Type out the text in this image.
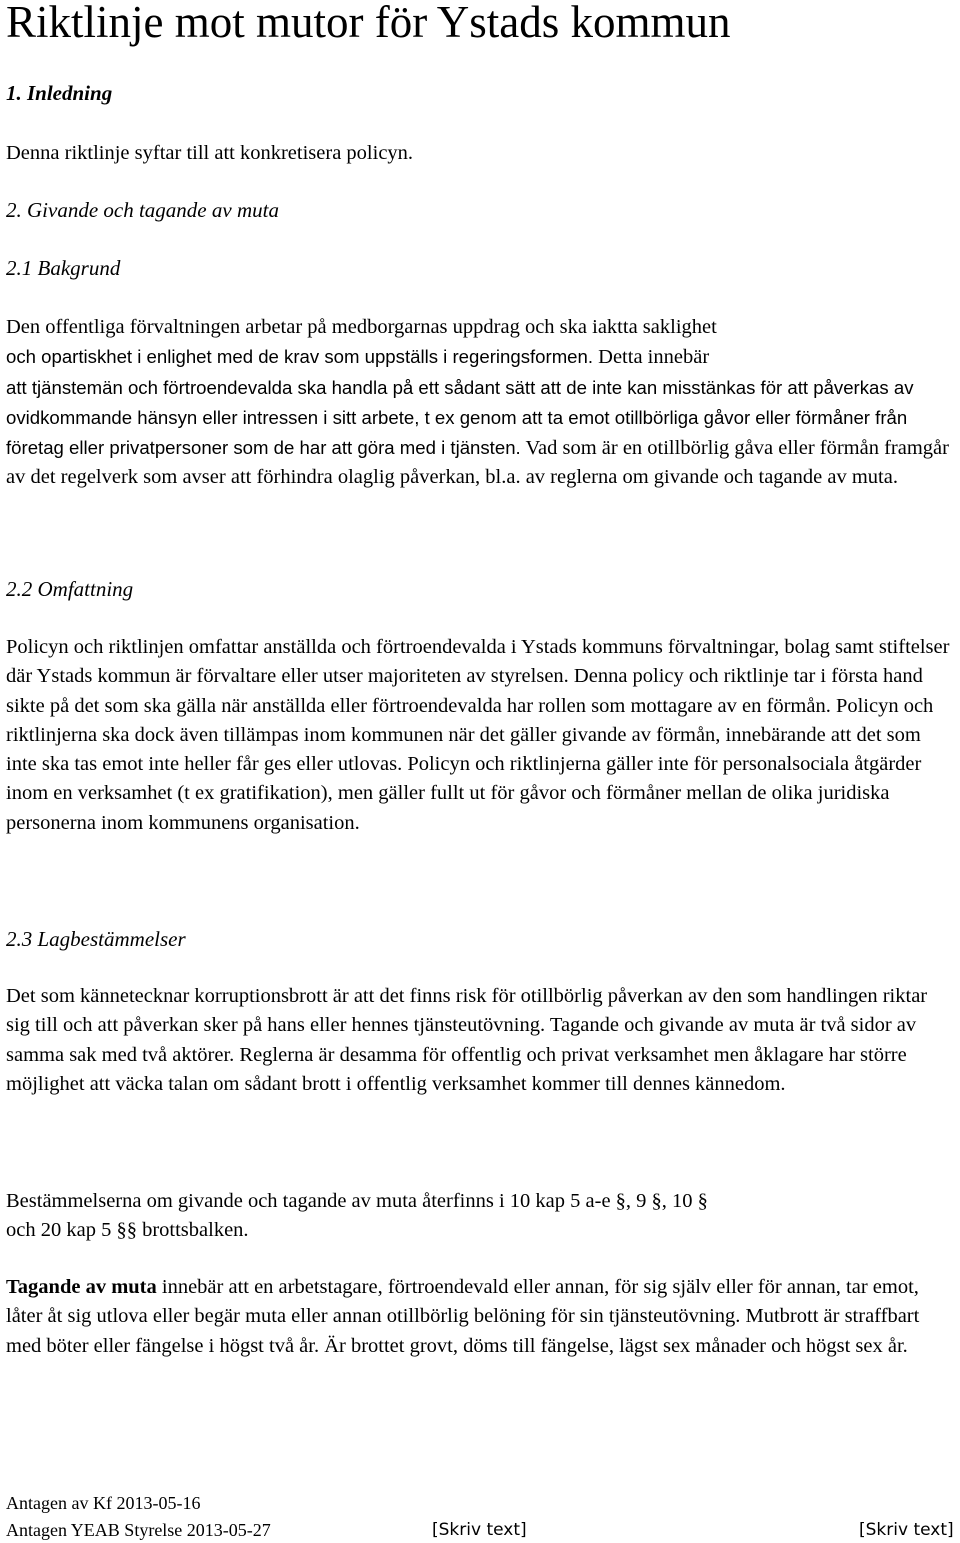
Riktlinje mot mutor för Ystads kommun
1. Inledning

Denna riktlinje syftar till att konkretisera policyn.

2. Givande och tagande av muta
2.1 Bakgrund
Den offentliga förvaltningen arbetar på medborgarnas uppdrag och ska iaktta saklighet
och opartiskhet i enlighet med de krav som uppställs i regeringsformen. Detta innebär
att tjänstemän och förtroendevalda ska handla på ett sådant sätt att de inte kan misstänkas för att påverkas av ovidkommande hänsyn eller intressen i sitt arbete, t ex genom att ta emot otillbörliga gåvor eller förmåner från företag eller privatpersoner som de har att göra med i tjänsten. Vad som är en otillbörlig gåva eller förmån framgår av det regelverk som avser att förhindra olaglig påverkan, bl.a. av reglerna om givande och tagande av muta.
2.2 Omfattning

Policyn och riktlinjen omfattar anställda och förtroendevalda i Ystads kommuns förvaltningar, bolag samt stiftelser där Ystads kommun är förvaltare eller utser majoriteten av styrelsen. Denna policy och riktlinje tar i första hand sikte på det som ska gälla när anställda eller förtroendevalda har rollen som mottagare av en förmån. Policyn och riktlinjerna ska dock även tillämpas inom kommunen när det gäller givande av förmån, innebärande att det som inte ska tas emot inte heller får ges eller utlovas. Policyn och riktlinjerna gäller inte för personalsociala åtgärder inom en verksamhet (t ex gratifikation), men gäller fullt ut för gåvor och förmåner mellan de olika juridiska personerna inom kommunens organisation.

2.3 Lagbestämmelser

Det som kännetecknar korruptionsbrott är att det finns risk för otillbörlig påverkan av den som handlingen riktar sig till och att påverkan sker på hans eller hennes tjänsteutövning. Tagande och givande av muta är två sidor av samma sak med två aktörer. Reglerna är desamma för offentlig och privat verksamhet men åklagare har större möjlighet att väcka talan om sådant brott i offentlig verksamhet kommer till dennes kännedom.

Bestämmelserna om givande och tagande av muta återfinns i 10 kap 5 a-e §, 9 §, 10 §
och 20 kap 5 §§ brottsbalken.

Tagande av muta innebär att en arbetstagare, förtroendevald eller annan, för sig själv eller för annan, tar emot, låter åt sig utlova eller begär muta eller annan otillbörlig belöning för sin tjänsteutövning. Mutbrott är straffbart med böter eller fängelse i högst två år. Är brottet grovt, döms till fängelse, lägst sex månader och högst sex år.

Antagen av Kf 2013-05-16
Antagen YEAB Styrelse 2013-05-27	[Skriv text]	[Skriv text]
